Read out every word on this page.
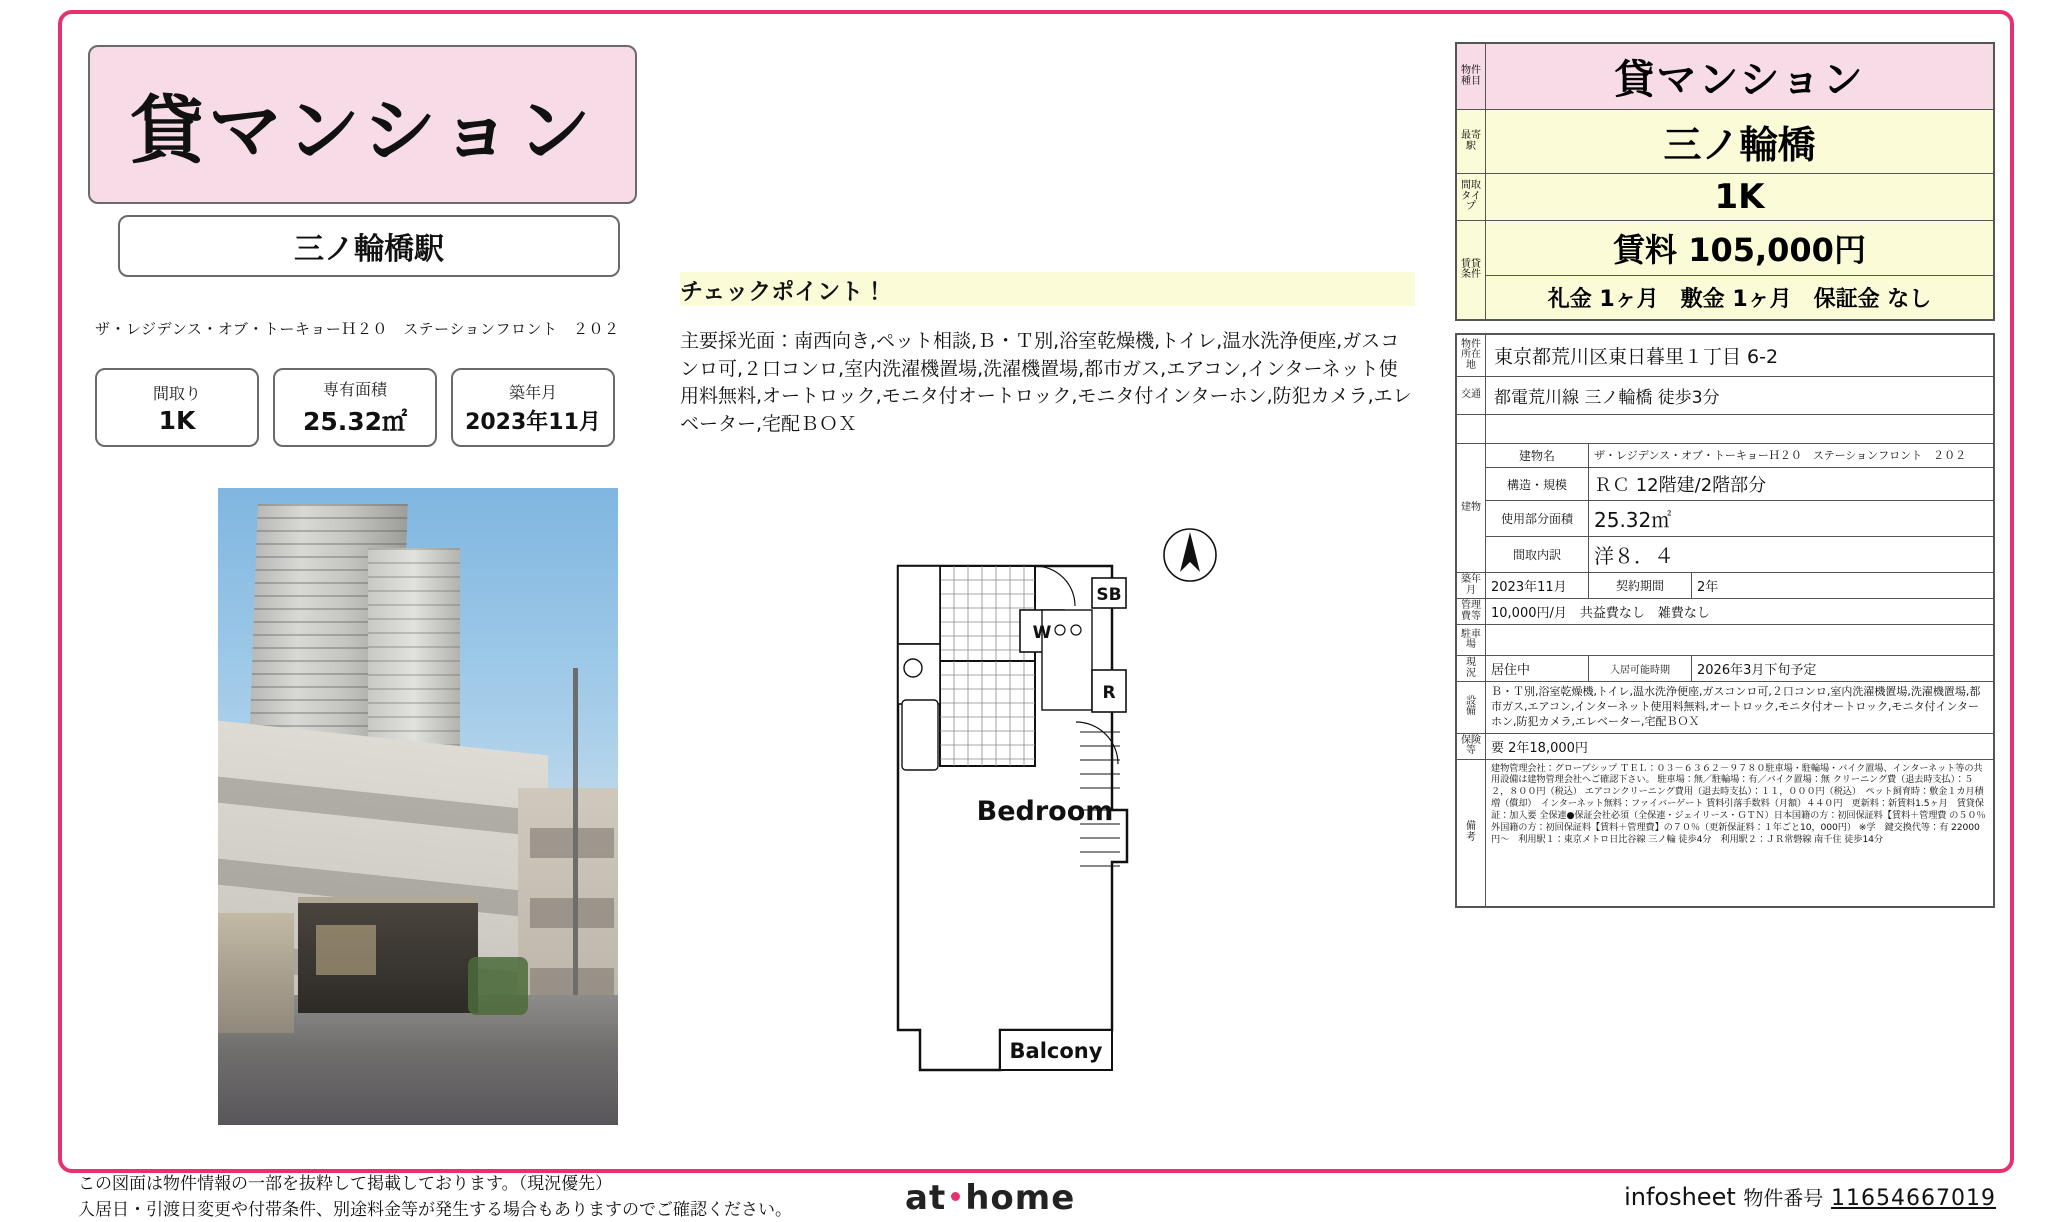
貸マンション
三ノ輪橋駅
ザ・レジデンス・オブ・トーキョーＨ２０　ステーションフロント　２０２
間取り
1K
専有面積
25.32㎡
築年月
2023年11月
チェックポイント！
主要採光面：南西向き,ペット相談,Ｂ・Ｔ別,浴室乾燥機,トイレ,温水洗浄便座,ガスコンロ可,２口コンロ,室内洗濯機置場,洗濯機置場,都市ガス,エアコン,インターネット使用料無料,オートロック,モニタ付オートロック,モニタ付インターホン,防犯カメラ,エレベーター,宅配ＢＯＸ
Bedroom
Balcony
SB
W
R
物件種目	貸マンション
最寄駅	三ノ輪橋
間取タイプ	1K
賃貸条件	賃料 105,000円
	礼金 1ヶ月　敷金 1ヶ月　保証金 なし
物件所在地	東京都荒川区東日暮里１丁目 6-2		
交通	都電荒川線 三ノ輪橋 徒歩3分		

建物	建物名	ザ・レジデンス・オブ・トーキョーＨ２０　ステーションフロント　２０２	
	構造・規模	ＲＣ 12階建/2階部分	
	使用部分面積	25.32㎡	
	間取内訳	洋８．４	
築年月	2023年11月	契約期間	2年
管理費等	10,000円/月　共益費なし　雑費なし		
駐車場			
現　況	居住中	入居可能時期	2026年3月下旬予定
設　備	Ｂ・Ｔ別,浴室乾燥機,トイレ,温水洗浄便座,ガスコンロ可,２口コンロ,室内洗濯機置場,洗濯機置場,都市ガス,エアコン,インターネット使用料無料,オートロック,モニタ付オートロック,モニタ付インターホン,防犯カメラ,エレベーター,宅配ＢＯＸ		
保険等	要 2年18,000円		
備　考	建物管理会社：グローブシップ ＴＥＬ：０３－６３６２－９７８０駐車場・駐輪場・バイク置場、インターネット等の共用設備は建物管理会社へご確認下さい。 駐車場：無／駐輪場：有／バイク置場：無 クリーニング費（退去時支払）：５２，８００円（税込） エアコンクリーニング費用（退去時支払）：１１，０００円（税込）　ペット飼育時：敷金１カ月積増（償却）　インターネット無料：ファイバーゲート 賃料引落手数料（月額）４４０円　更新料：新賃料1.5ヶ月　賃貸保証：加入要 全保連●保証会社必須（全保連・ジェイリース・ＧＴＮ）日本国籍の方：初回保証料【賃料＋管理費 の５０％ 外国籍の方：初回保証料【賃料＋管理費】の７０％（更新保証料：１年ごと10，000円） ※学　鍵交換代等：有 22000円～　利用駅１：東京メトロ日比谷線 三ノ輪 徒歩4分　利用駅２：ＪＲ常磐線 南千住 徒歩14分		
この図面は物件情報の一部を抜粋して掲載しております。（現況優先）
入居日・引渡日変更や付帯条件、別途料金等が発生する場合もありますのでご確認ください。	at home	infosheet 物件番号 11654667019
